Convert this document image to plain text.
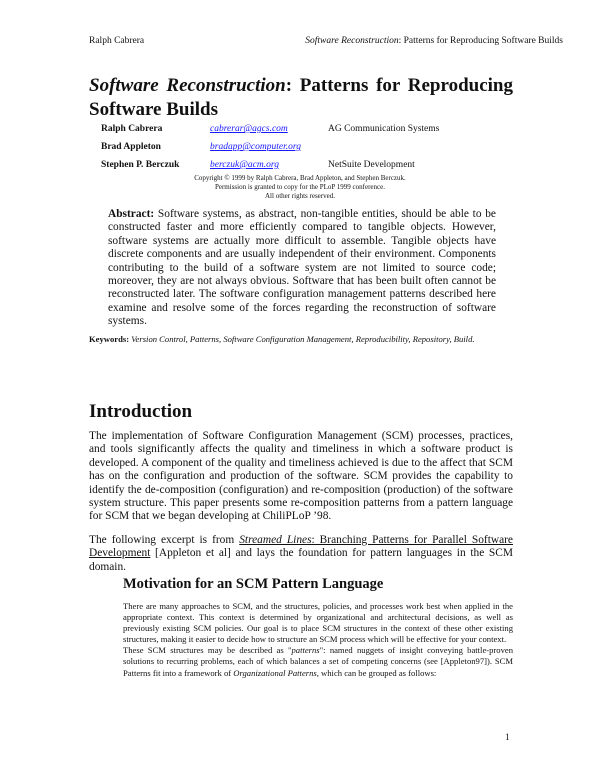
Ralph Cabrera	Software Reconstruction: Patterns for Reproducing Software Builds
Software Reconstruction: Patterns for Reproducing
Software Builds
Ralph Cabrera	cabrerar@agcs.com	AG Communication Systems
Brad Appleton	bradapp@computer.org
Stephen P. Berczuk	berczuk@acm.org	NetSuite Development
Copyright © 1999 by Ralph Cabrera, Brad Appleton, and Stephen Berczuk.
Permission is granted to copy for the PLoP 1999 conference.
All other rights reserved.
Abstract: Software systems, as abstract, non-tangible entities, should be able to be constructed faster and more efficiently compared to tangible objects. However, software systems are actually more difficult to assemble. Tangible objects have discrete components and are usually independent of their environment. Components contributing to the build of a software system are not limited to source code; moreover, they are not always obvious. Software that has been built often cannot be reconstructed later. The software configuration management patterns described here examine and resolve some of the forces regarding the reconstruction of software systems.
Keywords: Version Control, Patterns, Software Configuration Management, Reproducibility, Repository, Build.
Introduction
The implementation of Software Configuration Management (SCM) processes, practices, and tools significantly affects the quality and timeliness in which a software product is developed. A component of the quality and timeliness achieved is due to the affect that SCM has on the configuration and production of the software. SCM provides the capability to identify the de-composition (configuration) and re-composition (production) of the software system structure. This paper presents some re-composition patterns from a pattern language for SCM that we began developing at ChiliPLoP ’98.
The following excerpt is from Streamed Lines: Branching Patterns for Parallel Software Development [Appleton et al] and lays the foundation for pattern languages in the SCM domain.
Motivation for an SCM Pattern Language
There are many approaches to SCM, and the structures, policies, and processes work best when applied in the appropriate context. This context is determined by organizational and architectural decisions, as well as previously existing SCM policies. Our goal is to place SCM structures in the context of these other existing structures, making it easier to decide how to structure an SCM process which will be effective for your context.
These SCM structures may be described as "patterns": named nuggets of insight conveying battle-proven solutions to recurring problems, each of which balances a set of competing concerns (see [Appleton97]). SCM Patterns fit into a framework of Organizational Patterns, which can be grouped as follows:
1
